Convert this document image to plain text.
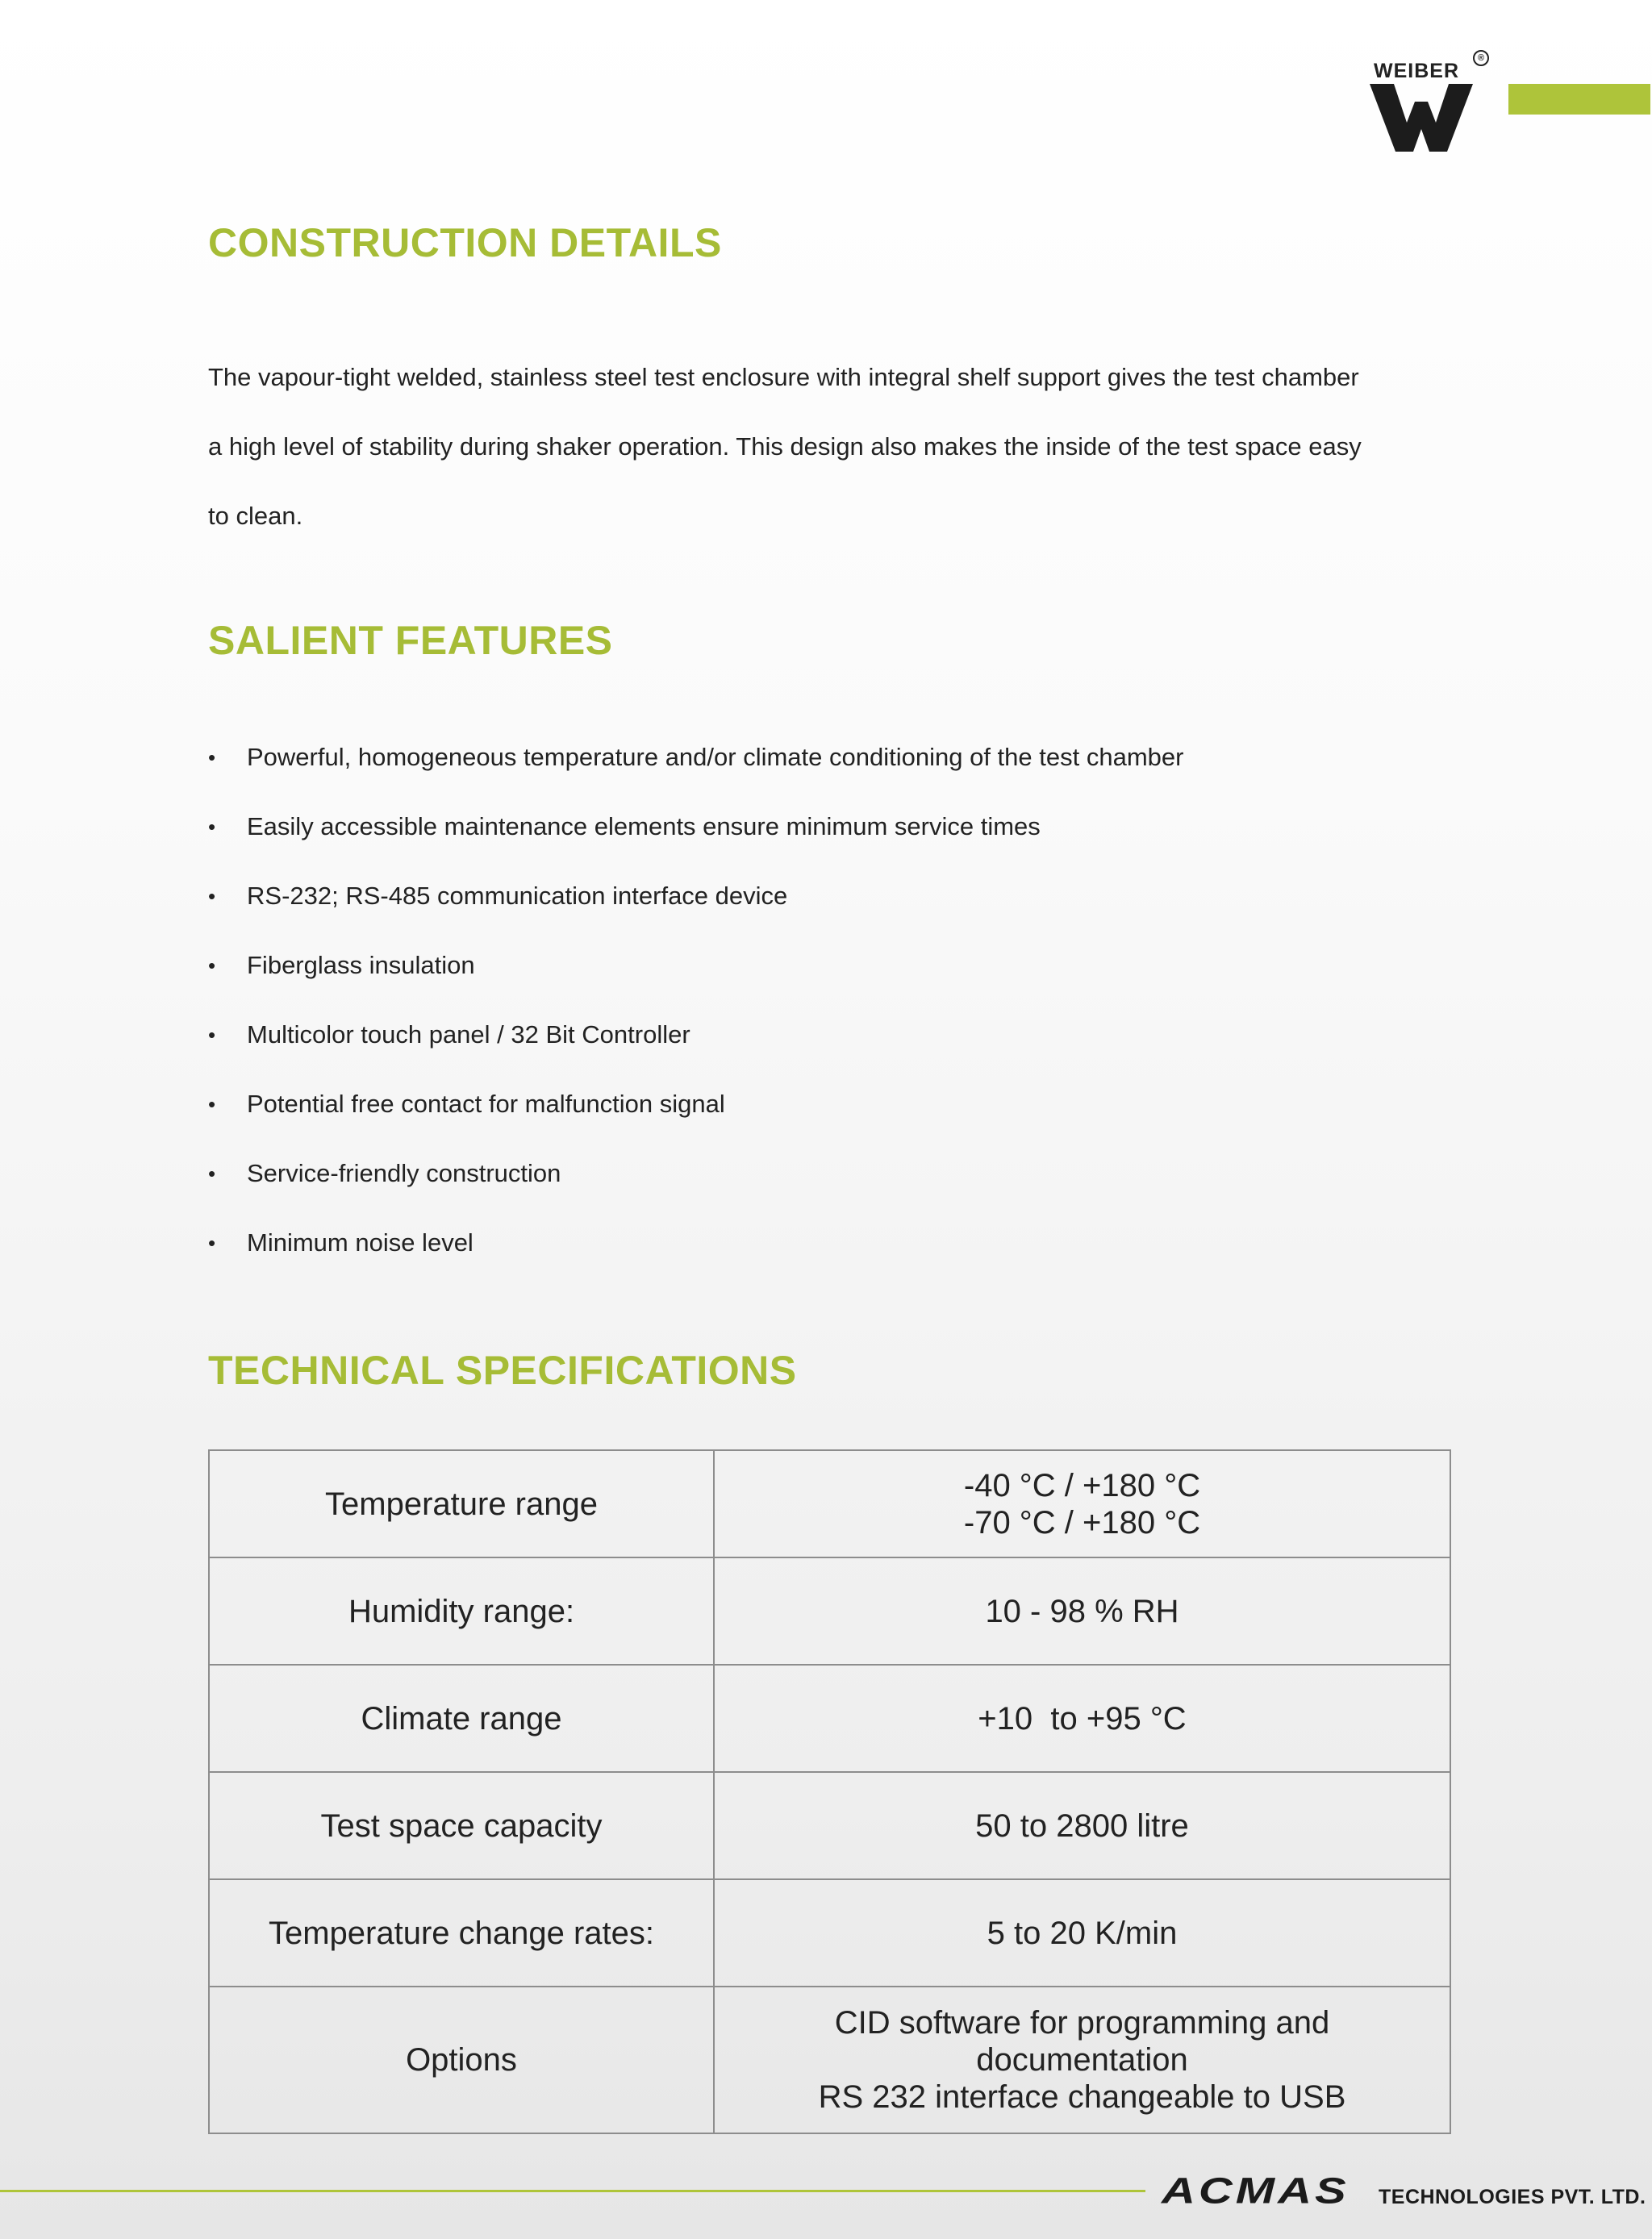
WEIBER
®
CONSTRUCTION DETAILS

The vapour-tight welded, stainless steel test enclosure with integral shelf support gives the test chamber
a high level of stability during shaker operation. This design also makes the inside of the test space easy
to clean.

SALIENT FEATURES
•	Powerful, homogeneous temperature and/or climate conditioning of the test chamber
•	Easily accessible maintenance elements ensure minimum service times
•	RS-232; RS-485 communication interface device
•	Fiberglass insulation
•	Multicolor touch panel / 32 Bit Controller
•	Potential free contact for malfunction signal
•	Service-friendly construction
•	Minimum noise level
TECHNICAL SPECIFICATIONS
Temperature range	-40 °C / +180 °C
-70 °C / +180 °C

Humidity range:	10 - 98 % RH

Climate range	+10  to +95 °C

Test space capacity	50 to 2800 litre

Temperature change rates:	5 to 20 K/min

Options	CID software for programming and
documentation
RS 232 interface changeable to USB
ACMAS TECHNOLOGIES PVT. LTD.
